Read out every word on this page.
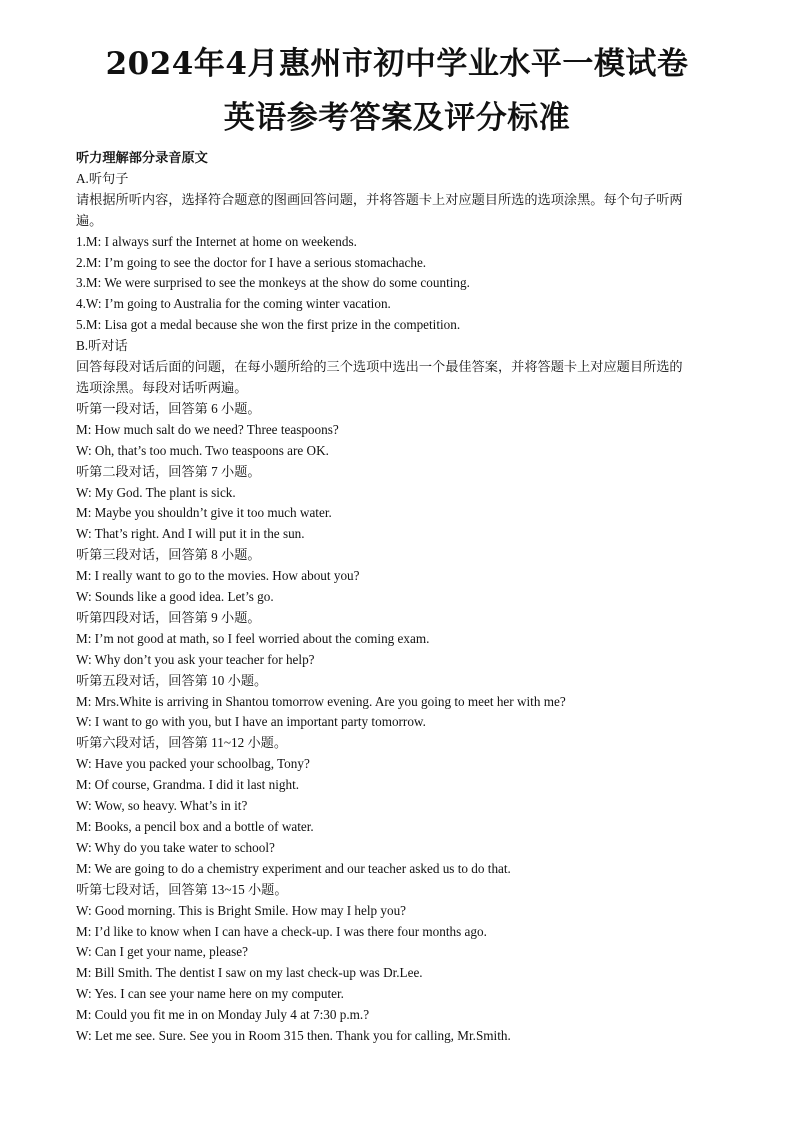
2024年4月惠州市初中学业水平一模试卷
英语参考答案及评分标准
听力理解部分录音原文
A.听句子
请根据所听内容，选择符合题意的图画回答问题，并将答题卡上对应题目所选的选项涂黑。每个句子听两
遍。
1.M: I always surf the Internet at home on weekends.
2.M: I’m going to see the doctor for I have a serious stomachache.
3.M: We were surprised to see the monkeys at the show do some counting.
4.W: I’m going to Australia for the coming winter vacation.
5.M: Lisa got a medal because she won the first prize in the competition.
B.听对话
回答每段对话后面的问题，在每小题所给的三个选项中选出一个最佳答案，并将答题卡上对应题目所选的
选项涂黑。每段对话听两遍。
听第一段对话，回答第 6 小题。
M: How much salt do we need? Three teaspoons?
W: Oh, that’s too much. Two teaspoons are OK.
听第二段对话，回答第 7 小题。
W: My God. The plant is sick.
M: Maybe you shouldn’t give it too much water.
W: That’s right. And I will put it in the sun.
听第三段对话，回答第 8 小题。
M: I really want to go to the movies. How about you?
W: Sounds like a good idea. Let’s go.
听第四段对话，回答第 9 小题。
M: I’m not good at math, so I feel worried about the coming exam.
W: Why don’t you ask your teacher for help?
听第五段对话，回答第 10 小题。
M: Mrs.White is arriving in Shantou tomorrow evening. Are you going to meet her with me?
W: I want to go with you, but I have an important party tomorrow.
听第六段对话，回答第 11~12 小题。
W: Have you packed your schoolbag, Tony?
M: Of course, Grandma. I did it last night.
W: Wow, so heavy. What’s in it?
M: Books, a pencil box and a bottle of water.
W: Why do you take water to school?
M: We are going to do a chemistry experiment and our teacher asked us to do that.
听第七段对话，回答第 13~15 小题。
W: Good morning. This is Bright Smile. How may I help you?
M: I’d like to know when I can have a check-up. I was there four months ago.
W: Can I get your name, please?
M: Bill Smith. The dentist I saw on my last check-up was Dr.Lee.
W: Yes. I can see your name here on my computer.
M: Could you fit me in on Monday July 4 at 7:30 p.m.?
W: Let me see. Sure. See you in Room 315 then. Thank you for calling, Mr.Smith.
